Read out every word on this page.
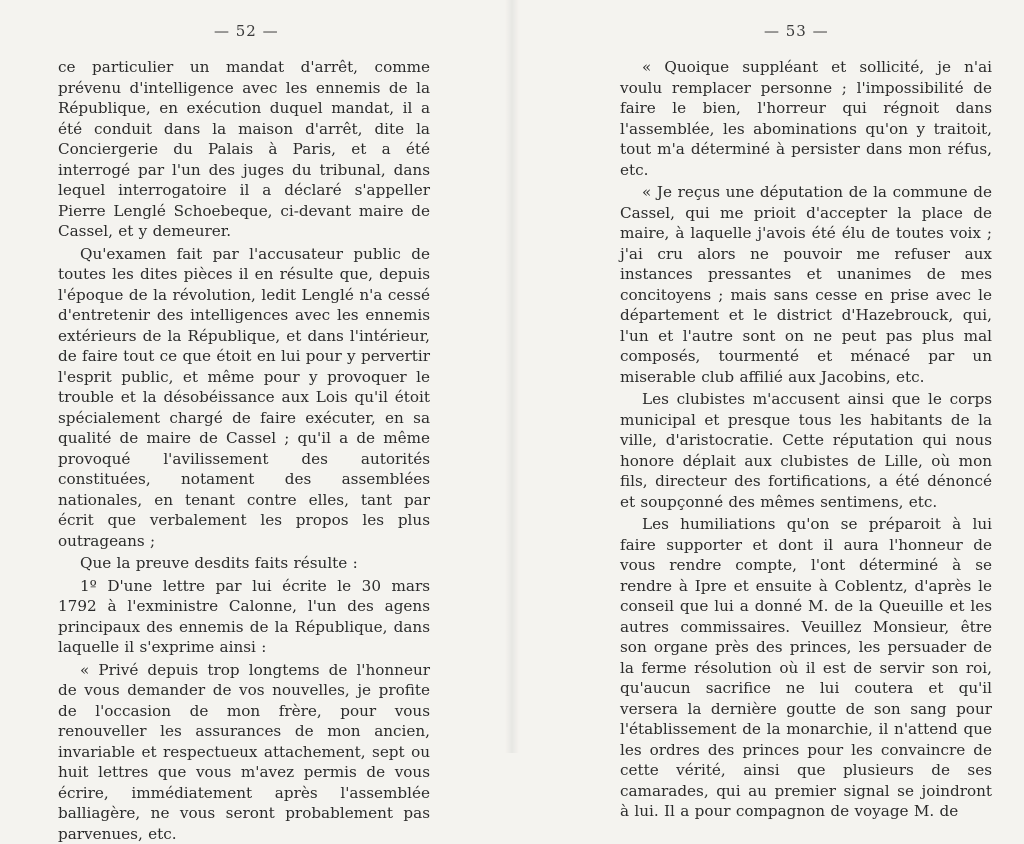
— 52 —

ce particulier un mandat d'arrêt, comme prévenu d'intelligence avec les ennemis de la République, en exécution duquel mandat, il a été conduit dans la maison d'arrêt, dite la Conciergerie du Palais à Paris, et a été interrogé par l'un des juges du tribunal, dans lequel interrogatoire il a déclaré s'appeller Pierre Lenglé Schoebeque, ci-devant maire de Cassel, et y demeurer.

Qu'examen fait par l'accusateur public de toutes les dites pièces il en résulte que, depuis l'époque de la révolution, ledit Lenglé n'a cessé d'entretenir des intelligences avec les ennemis extérieurs de la République, et dans l'intérieur, de faire tout ce que étoit en lui pour y pervertir l'esprit public, et même pour y provoquer le trouble et la désobéissance aux Lois qu'il étoit spécialement chargé de faire exécuter, en sa qualité de maire de Cassel ; qu'il a de même provoqué l'avilissement des autorités constituées, notament des assemblées nationales, en tenant contre elles, tant par écrit que verbalement les propos les plus outrageans ;

Que la preuve desdits faits résulte :

1º D'une lettre par lui écrite le 30 mars 1792 à l'exministre Calonne, l'un des agens principaux des ennemis de la République, dans laquelle il s'exprime ainsi :

« Privé depuis trop longtems de l'honneur de vous demander de vos nouvelles, je profite de l'occasion de mon frère, pour vous renouveller les assurances de mon ancien, invariable et respectueux attachement, sept ou huit lettres que vous m'avez permis de vous écrire, immédiatement après l'assemblée balliagère, ne vous seront probablement pas parvenues, etc.

— 53 —

« Quoique suppléant et sollicité, je n'ai voulu remplacer personne ; l'impossibilité de faire le bien, l'horreur qui régnoit dans l'assemblée, les abominations qu'on y traitoit, tout m'a déterminé à persister dans mon réfus, etc.

« Je reçus une députation de la commune de Cassel, qui me prioit d'accepter la place de maire, à laquelle j'avois été élu de toutes voix ; j'ai cru alors ne pouvoir me refuser aux instances pressantes et unanimes de mes concitoyens ; mais sans cesse en prise avec le département et le district d'Hazebrouck, qui, l'un et l'autre sont on ne peut pas plus mal composés, tourmenté et ménacé par un miserable club affilié aux Jacobins, etc.

Les clubistes m'accusent ainsi que le corps municipal et presque tous les habitants de la ville, d'aristocratie. Cette réputation qui nous honore déplait aux clubistes de Lille, où mon fils, directeur des fortifications, a été dénoncé et soupçonné des mêmes sentimens, etc.

Les humiliations qu'on se préparoit à lui faire supporter et dont il aura l'honneur de vous rendre compte, l'ont déterminé à se rendre à Ipre et ensuite à Coblentz, d'après le conseil que lui a donné M. de la Queuille et les autres commissaires. Veuillez Monsieur, être son organe près des princes, les persuader de la ferme résolution où il est de servir son roi, qu'aucun sacrifice ne lui coutera et qu'il versera la dernière goutte de son sang pour l'établissement de la monarchie, il n'attend que les ordres des princes pour les convaincre de cette vérité, ainsi que plusieurs de ses camarades, qui au premier signal se joindront à lui. Il a pour compagnon de voyage M. de
